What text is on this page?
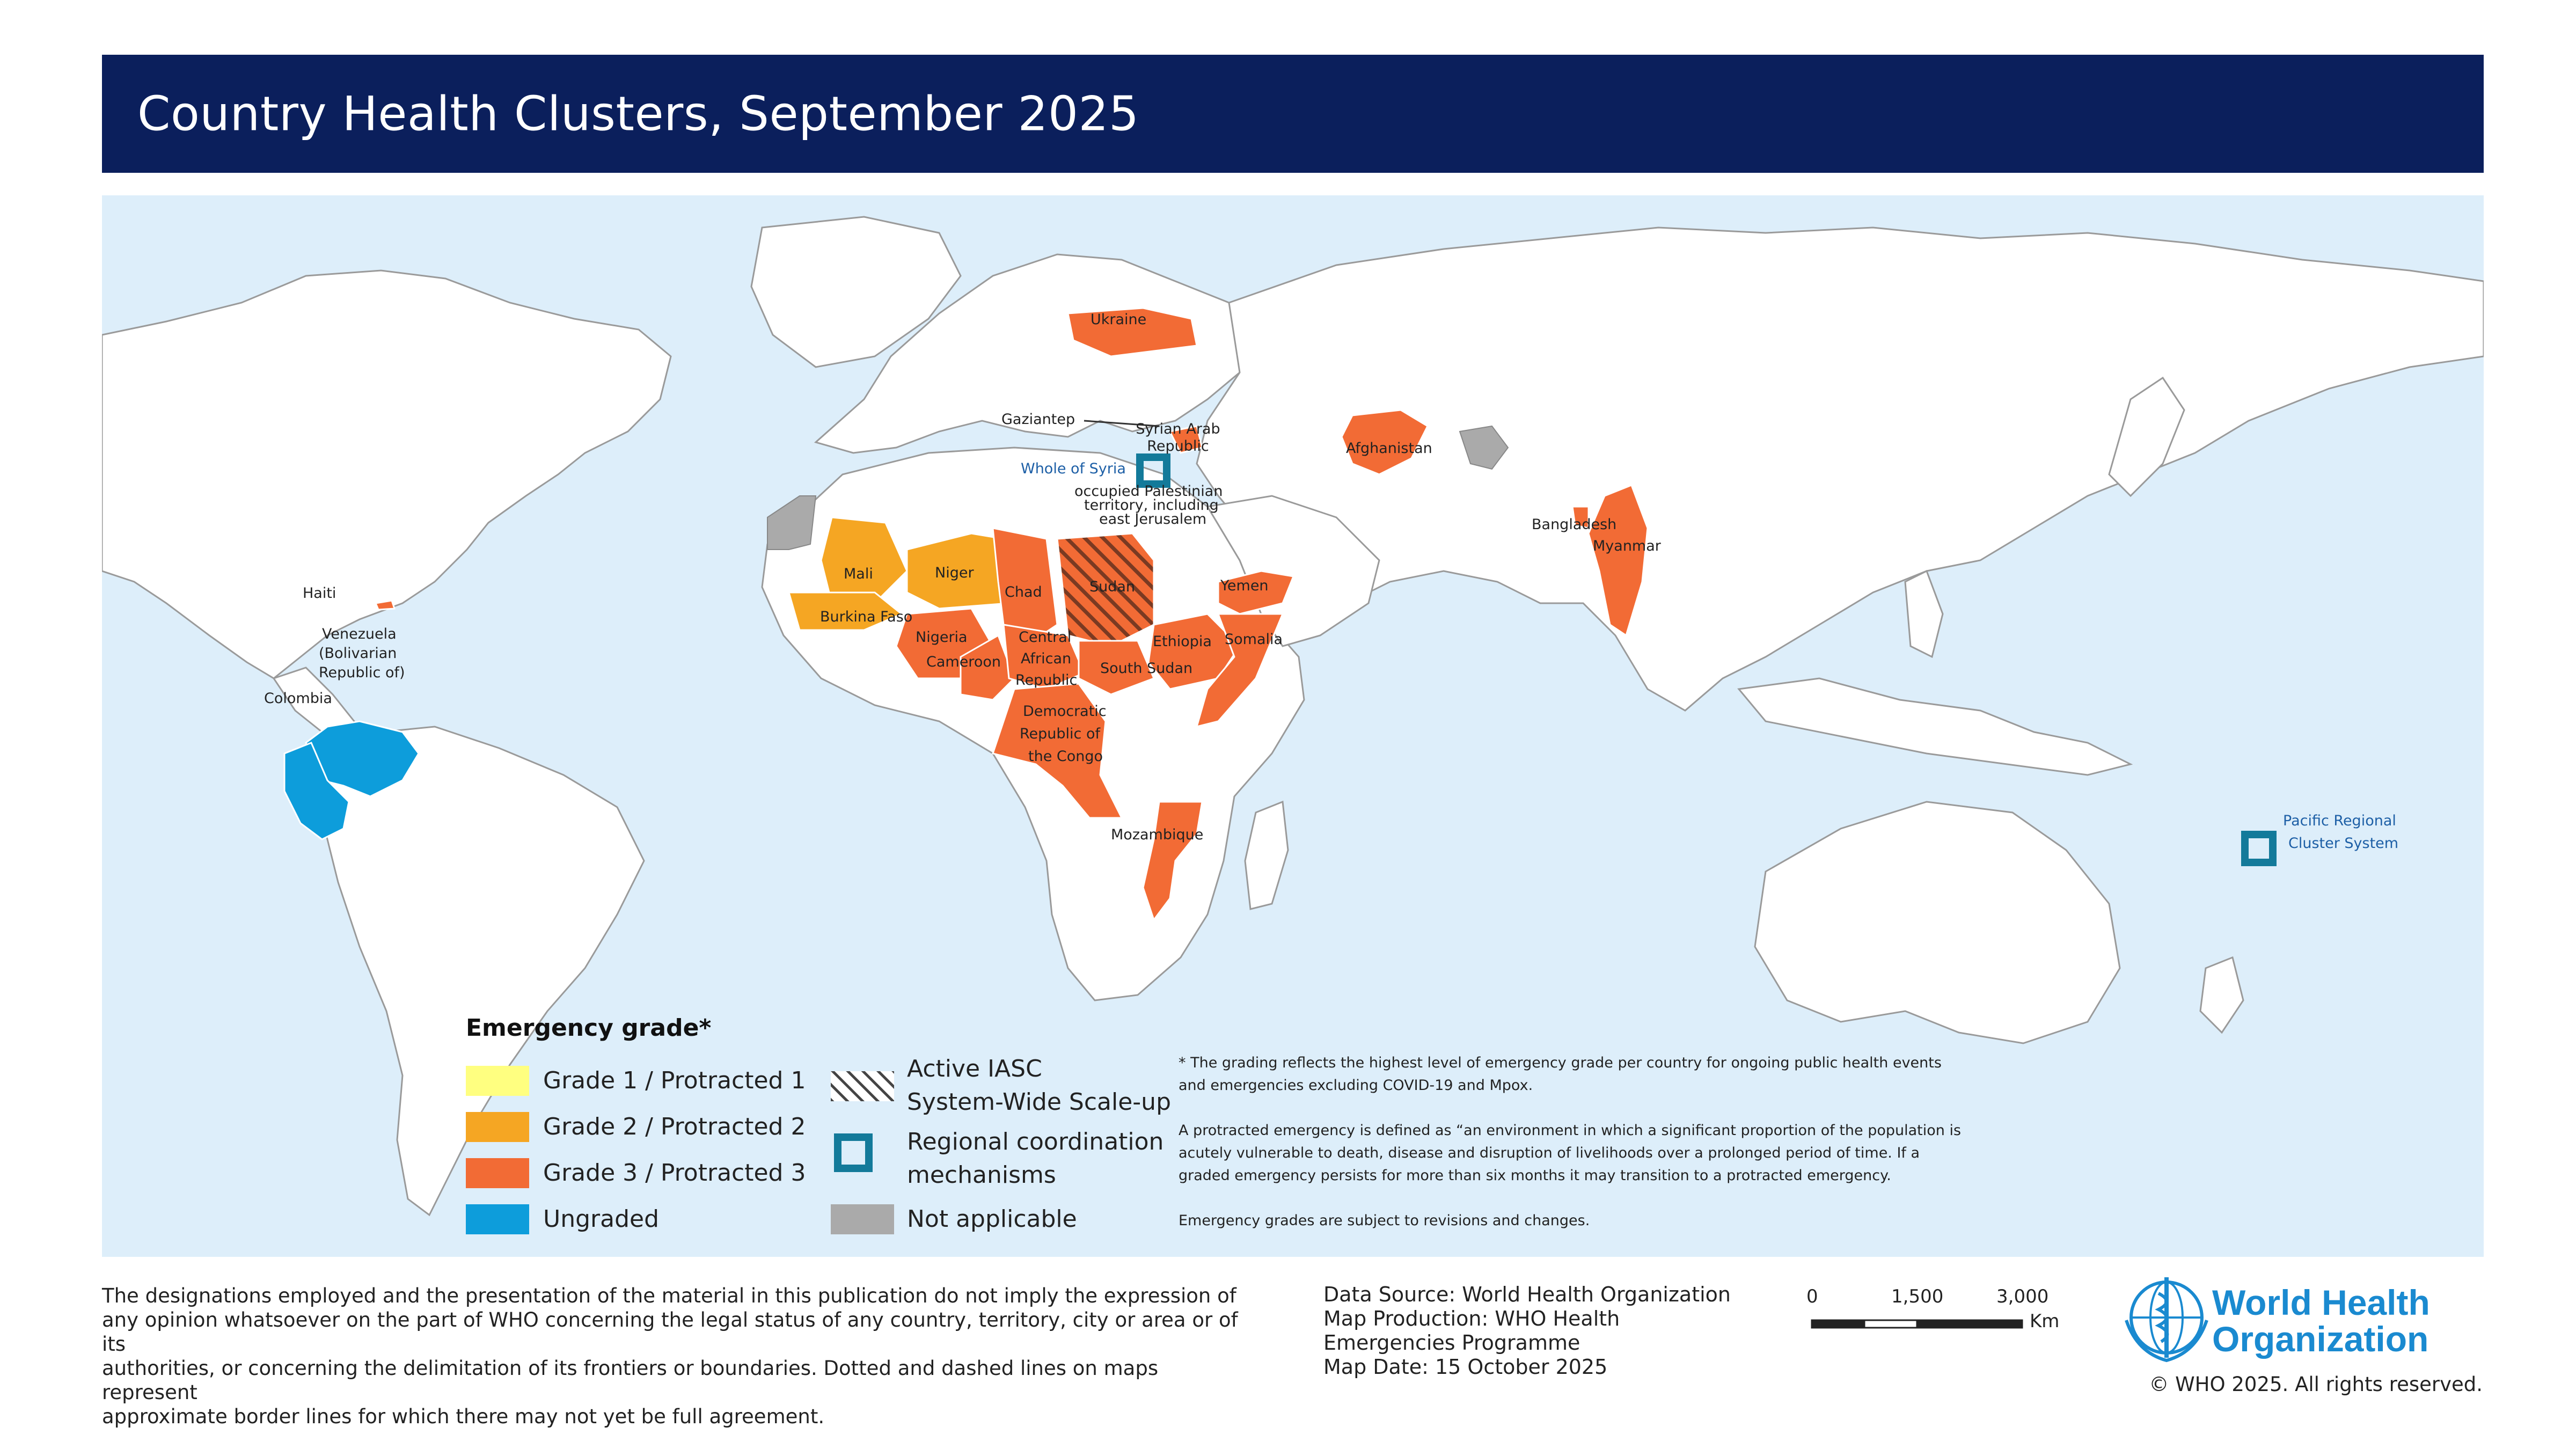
Country Health Clusters, September 2025
Ukraine
Gaziantep
Syrian Arab Republic
Whole of Syria
occupied Palestinian
territory, including
east Jerusalem
Afghanistan
Bangladesh
Myanmar
Haiti
Venezuela
(Bolivarian
Republic of)
Colombia
Mali	Niger
Chad	Sudan	Yemen
Burkina Faso
Nigeria
Cameroon
Central
African
Republic
Ethiopia Somalia
South Sudan
Democratic
Republic of
the Congo
Mozambique
Pacific Regional
Cluster System
Emergency grade*
Grade 1 / Protracted 1
Grade 2 / Protracted 2
Grade 3 / Protracted 3
Ungraded
Active IASC
System-Wide Scale-up
Regional coordination
mechanisms
Not applicable
* The grading reflects the highest level of emergency grade per country for ongoing public health events
and emergencies excluding COVID-19 and Mpox.
A protracted emergency is defined as “an environment in which a significant proportion of the population is
acutely vulnerable to death, disease and disruption of livelihoods over a prolonged period of time. If a
graded emergency persists for more than six months it may transition to a protracted emergency.
Emergency grades are subject to revisions and changes.
The designations employed and the presentation of the material in this publication do not imply the expression of
any opinion whatsoever on the part of WHO concerning the legal status of any country, territory, city or area or of its
authorities, or concerning the delimitation of its frontiers or boundaries. Dotted and dashed lines on maps represent
approximate border lines for which there may not yet be full agreement.
Data Source: World Health Organization
Map Production: WHO Health
Emergencies Programme
Map Date: 15 October 2025
0	1,500	3,000
Km	World Health
Organization
© WHO 2025. All rights reserved.
